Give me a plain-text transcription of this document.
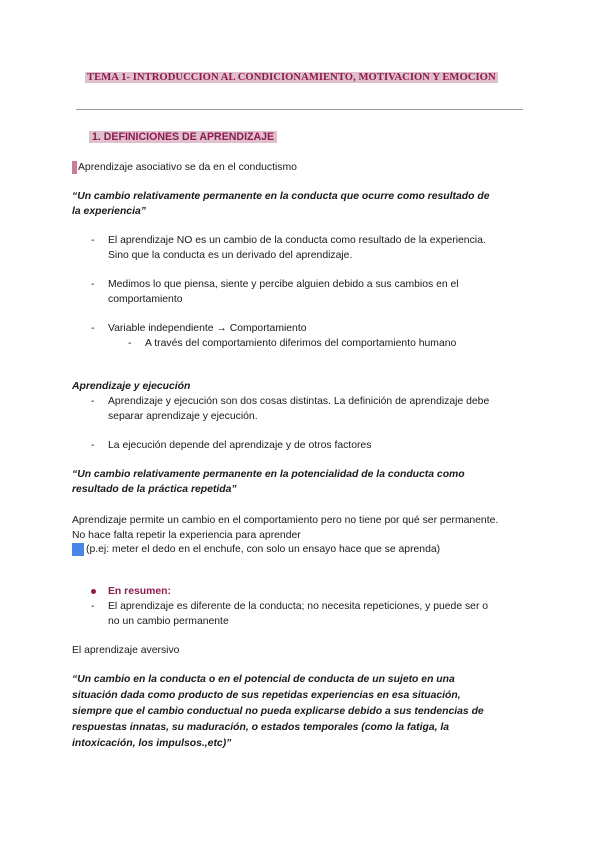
TEMA 1- INTRODUCCION AL CONDICIONAMIENTO, MOTIVACION Y EMOCION
1. DEFINICIONES DE APRENDIZAJE
Aprendizaje asociativo se da en el conductismo
“Un cambio relativamente permanente en la conducta que ocurre como resultado de
la experiencia”
- El aprendizaje NO es un cambio de la conducta como resultado de la experiencia.
Sino que la conducta es un derivado del aprendizaje.
- Medimos lo que piensa, siente y percibe alguien debido a sus cambios en el
comportamiento
- Variable independiente → Comportamiento
- A través del comportamiento diferimos del comportamiento humano
Aprendizaje y ejecución
- Aprendizaje y ejecución son dos cosas distintas. La definición de aprendizaje debe
separar aprendizaje y ejecución.
- La ejecución depende del aprendizaje y de otros factores
“Un cambio relativamente permanente en la potencialidad de la conducta como
resultado de la práctica repetida”
Aprendizaje permite un cambio en el comportamiento pero no tiene por qué ser permanente.
No hace falta repetir la experiencia para aprender
(p.ej: meter el dedo en el enchufe, con solo un ensayo hace que se aprenda)
En resumen:
- El aprendizaje es diferente de la conducta; no necesita repeticiones, y puede ser o
no un cambio permanente
El aprendizaje aversivo
“Un cambio en la conducta o en el potencial de conducta de un sujeto en una
situación dada como producto de sus repetidas experiencias en esa situación,
siempre que el cambio conductual no pueda explicarse debido a sus tendencias de
respuestas innatas, su maduración, o estados temporales (como la fatiga, la
intoxicación, los impulsos.,etc)”
